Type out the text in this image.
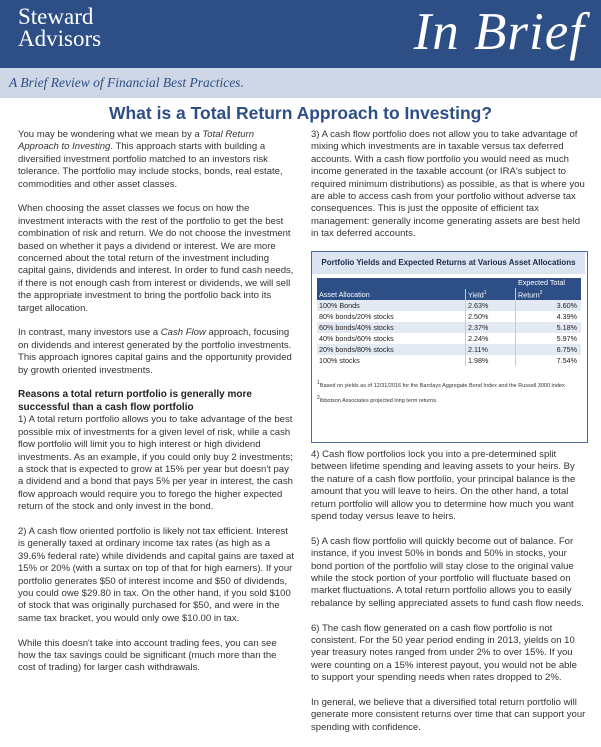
Steward
Advisors	In Brief
A Brief Review of Financial Best Practices.
What is a Total Return Approach to Investing?

You may be wondering what we mean by a Total Return Approach to Investing. This approach starts with building a diversified investment portfolio matched to an investors risk tolerance. The portfolio may include stocks, bonds, real estate, commodities and other asset classes.

When choosing the asset classes we focus on how the investment interacts with the rest of the portfolio to get the best combination of risk and return. We do not choose the investment based on whether it pays a dividend or interest. We are more concerned about the total return of the investment including capital gains, dividends and interest. In order to fund cash needs, if there is not enough cash from interest or dividends, we will sell the appropriate investment to bring the portfolio back into its target allocation.

In contrast, many investors use a Cash Flow approach, focusing on dividends and interest generated by the portfolio investments. This approach ignores capital gains and the opportunity provided by growth oriented investments.

Reasons a total return portfolio is generally more successful than a cash flow portfolio

1) A total return portfolio allows you to take advantage of the best possible mix of investments for a given level of risk, while a cash flow portfolio will limit you to high interest or high dividend investments. As an example, if you could only buy 2 investments; a stock that is expected to grow at 15% per year but doesn't pay a dividend and a bond that pays 5% per year in interest, the cash flow approach would require you to forego the higher expected return of the stock and only invest in the bond.

2) A cash flow oriented portfolio is likely not tax efficient. Interest is generally taxed at ordinary income tax rates (as high as a 39.6% federal rate) while dividends and capital gains are taxed at 15% or 20% (with a surtax on top of that for high earners). If your portfolio generates $50 of interest income and $50 of dividends, you could owe $29.80 in tax. On the other hand, if you sold $100 of stock that was originally purchased for $50, and were in the same tax bracket, you would only owe $10.00 in tax.

While this doesn't take into account trading fees, you can see how the tax savings could be significant (much more than the cost of trading) for larger cash withdrawals.

3) A cash flow portfolio does not allow you to take advantage of mixing which investments are in taxable versus tax deferred accounts. With a cash flow portfolio you would need as much income generated in the taxable account (or IRA's subject to required minimum distributions) as possible, as that is where you are able to access cash from your portfolio without adverse tax consequences. This is just the opposite of efficient tax management: generally income generating assets are best held in tax deferred accounts.

Portfolio Yields and Expected Returns at Various Asset Allocations
Asset Allocation	Yield$^1$
Expected Total
Return$^2$
100% Bonds	2.63%	3.60%
80% bonds/20% stocks	2.50%	4.39%
60% bonds/40% stocks	2.37%	5.18%
40% bonds/60% stocks	2.24%	5.97%
20% bonds/80% stocks	2.11%	6.75%
100% stocks	1.98%	7.54%
$^1$Based on yields as of 12/31/2016 for the Barclays Aggregate Bond Index and the Russell 3000 index
$^2$Ibbotson Associates projected long term returns.

4) Cash flow portfolios lock you into a pre-determined split between lifetime spending and leaving assets to your heirs. By the nature of a cash flow portfolio, your principal balance is the amount that you will leave to heirs. On the other hand, a total return portfolio will allow you to determine how much you want spend today versus leave to heirs.

5) A cash flow portfolio will quickly become out of balance. For instance, if you invest 50% in bonds and 50% in stocks, your bond portion of the portfolio will stay close to the original value while the stock portion of your portfolio will fluctuate based on market fluctuations. A total return portfolio allows you to easily rebalance by selling appreciated assets to fund cash flow needs.

6) The cash flow generated on a cash flow portfolio is not consistent. For the 50 year period ending in 2013, yields on 10 year treasury notes ranged from under 2% to over 15%. If you were counting on a 15% interest payout, you would not be able to support your spending needs when rates dropped to 2%.

In general, we believe that a diversified total return portfolio will generate more consistent returns over time that can support your spending with confidence.
